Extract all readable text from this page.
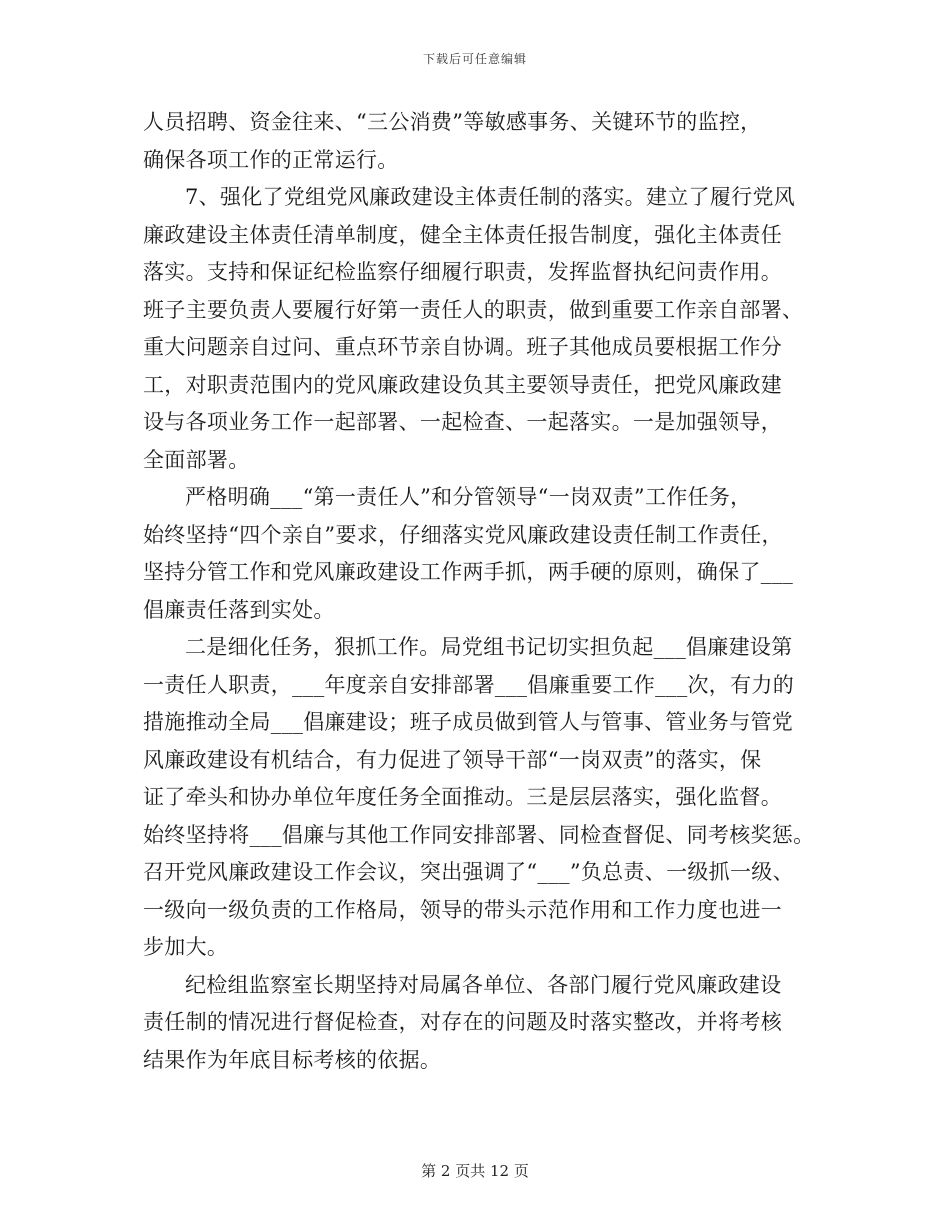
下载后可任意编辑

人员招聘、资金往来、“三公消费”等敏感事务、关键环节的监控，
确保各项工作的正常运行。

7、强化了党组党风廉政建设主体责任制的落实。建立了履行党风
廉政建设主体责任清单制度，健全主体责任报告制度，强化主体责任
落实。支持和保证纪检监察仔细履行职责，发挥监督执纪问责作用。
班子主要负责人要履行好第一责任人的职责，做到重要工作亲自部署、
重大问题亲自过问、重点环节亲自协调。班子其他成员要根据工作分
工，对职责范围内的党风廉政建设负其主要领导责任，把党风廉政建
设与各项业务工作一起部署、一起检查、一起落实。一是加强领导，
全面部署。

严格明确___“第一责任人”和分管领导“一岗双责”工作任务，
始终坚持“四个亲自”要求，仔细落实党风廉政建设责任制工作责任，
坚持分管工作和党风廉政建设工作两手抓，两手硬的原则，确保了___
倡廉责任落到实处。

二是细化任务，狠抓工作。局党组书记切实担负起___倡廉建设第
一责任人职责，___年度亲自安排部署___倡廉重要工作___次，有力的
措施推动全局___倡廉建设；班子成员做到管人与管事、管业务与管党
风廉政建设有机结合，有力促进了领导干部“一岗双责”的落实，保
证了牵头和协办单位年度任务全面推动。三是层层落实，强化监督。
始终坚持将___倡廉与其他工作同安排部署、同检查督促、同考核奖惩。
召开党风廉政建设工作会议，突出强调了“___”负总责、一级抓一级、
一级向一级负责的工作格局，领导的带头示范作用和工作力度也进一
步加大。

纪检组监察室长期坚持对局属各单位、各部门履行党风廉政建设
责任制的情况进行督促检查，对存在的问题及时落实整改，并将考核
结果作为年底目标考核的依据。

第 2 页共 12 页
